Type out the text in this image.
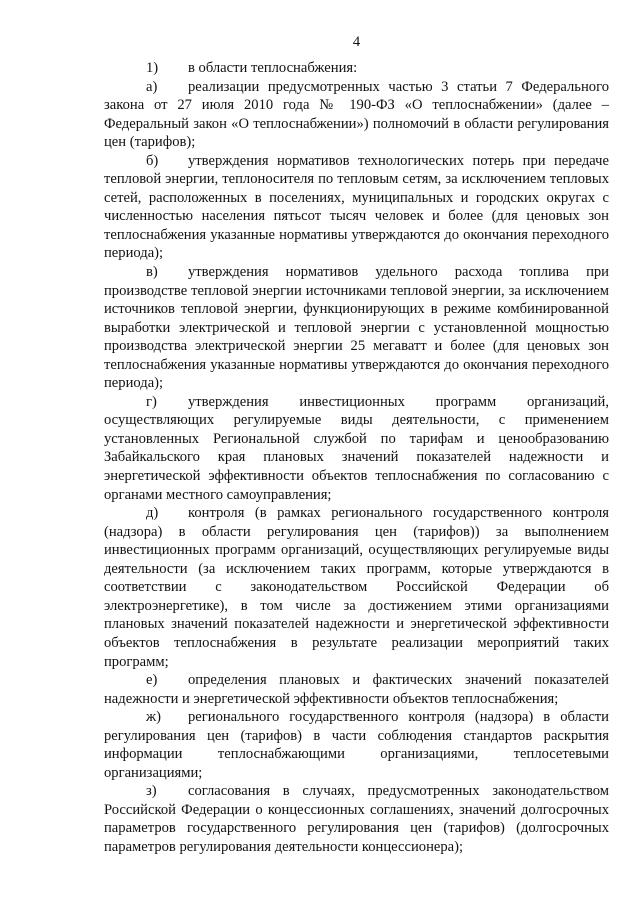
4

1) в области теплоснабжения:

а) реализации предусмотренных частью 3 статьи 7 Федерального закона от 27 июля 2010 года № 190-ФЗ «О теплоснабжении» (далее – Федеральный закон «О теплоснабжении») полномочий в области регулирования цен (тарифов);

б) утверждения нормативов технологических потерь при передаче тепловой энергии, теплоносителя по тепловым сетям, за исключением тепловых сетей, расположенных в поселениях, муниципальных и городских округах с численностью населения пятьсот тысяч человек и более (для ценовых зон теплоснабжения указанные нормативы утверждаются до окончания переходного периода);

в) утверждения нормативов удельного расхода топлива при производстве тепловой энергии источниками тепловой энергии, за исключением источников тепловой энергии, функционирующих в режиме комбинированной выработки электрической и тепловой энергии с установленной мощностью производства электрической энергии 25 мегаватт и более (для ценовых зон теплоснабжения указанные нормативы утверждаются до окончания переходного периода);

г) утверждения инвестиционных программ организаций, осуществляющих регулируемые виды деятельности, с применением установленных Региональной службой по тарифам и ценообразованию Забайкальского края плановых значений показателей надежности и энергетической эффективности объектов теплоснабжения по согласованию с органами местного самоуправления;

д) контроля (в рамках регионального государственного контроля (надзора) в области регулирования цен (тарифов)) за выполнением инвестиционных программ организаций, осуществляющих регулируемые виды деятельности (за исключением таких программ, которые утверждаются в соответствии с законодательством Российской Федерации об электроэнергетике), в том числе за достижением этими организациями плановых значений показателей надежности и энергетической эффективности объектов теплоснабжения в результате реализации мероприятий таких программ;

е) определения плановых и фактических значений показателей надежности и энергетической эффективности объектов теплоснабжения;

ж) регионального государственного контроля (надзора) в области регулирования цен (тарифов) в части соблюдения стандартов раскрытия информации теплоснабжающими организациями, теплосетевыми организациями;

з) согласования в случаях, предусмотренных законодательством Российской Федерации о концессионных соглашениях, значений долгосрочных параметров государственного регулирования цен (тарифов) (долгосрочных параметров регулирования деятельности концессионера);
